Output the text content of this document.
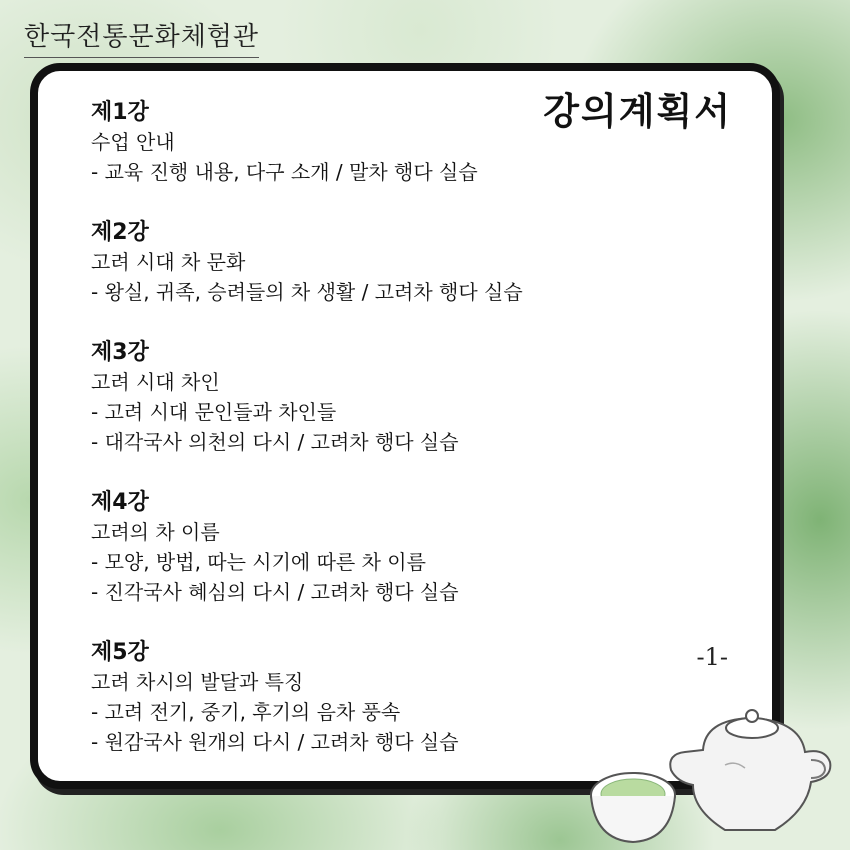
한국전통문화체험관
강의계획서
제1강
수업 안내
- 교육 진행 내용, 다구 소개 / 말차 행다 실습
제2강
고려 시대 차 문화
- 왕실, 귀족, 승려들의 차 생활 / 고려차 행다 실습
제3강
고려 시대 차인
- 고려 시대 문인들과 차인들
- 대각국사 의천의 다시 / 고려차 행다 실습
제4강
고려의 차 이름
- 모양, 방법, 따는 시기에 따른 차 이름
- 진각국사 혜심의 다시 / 고려차 행다 실습
제5강
고려 차시의 발달과 특징
- 고려 전기, 중기, 후기의 음차 풍속
- 원감국사 원개의 다시 / 고려차 행다 실습
-1-
